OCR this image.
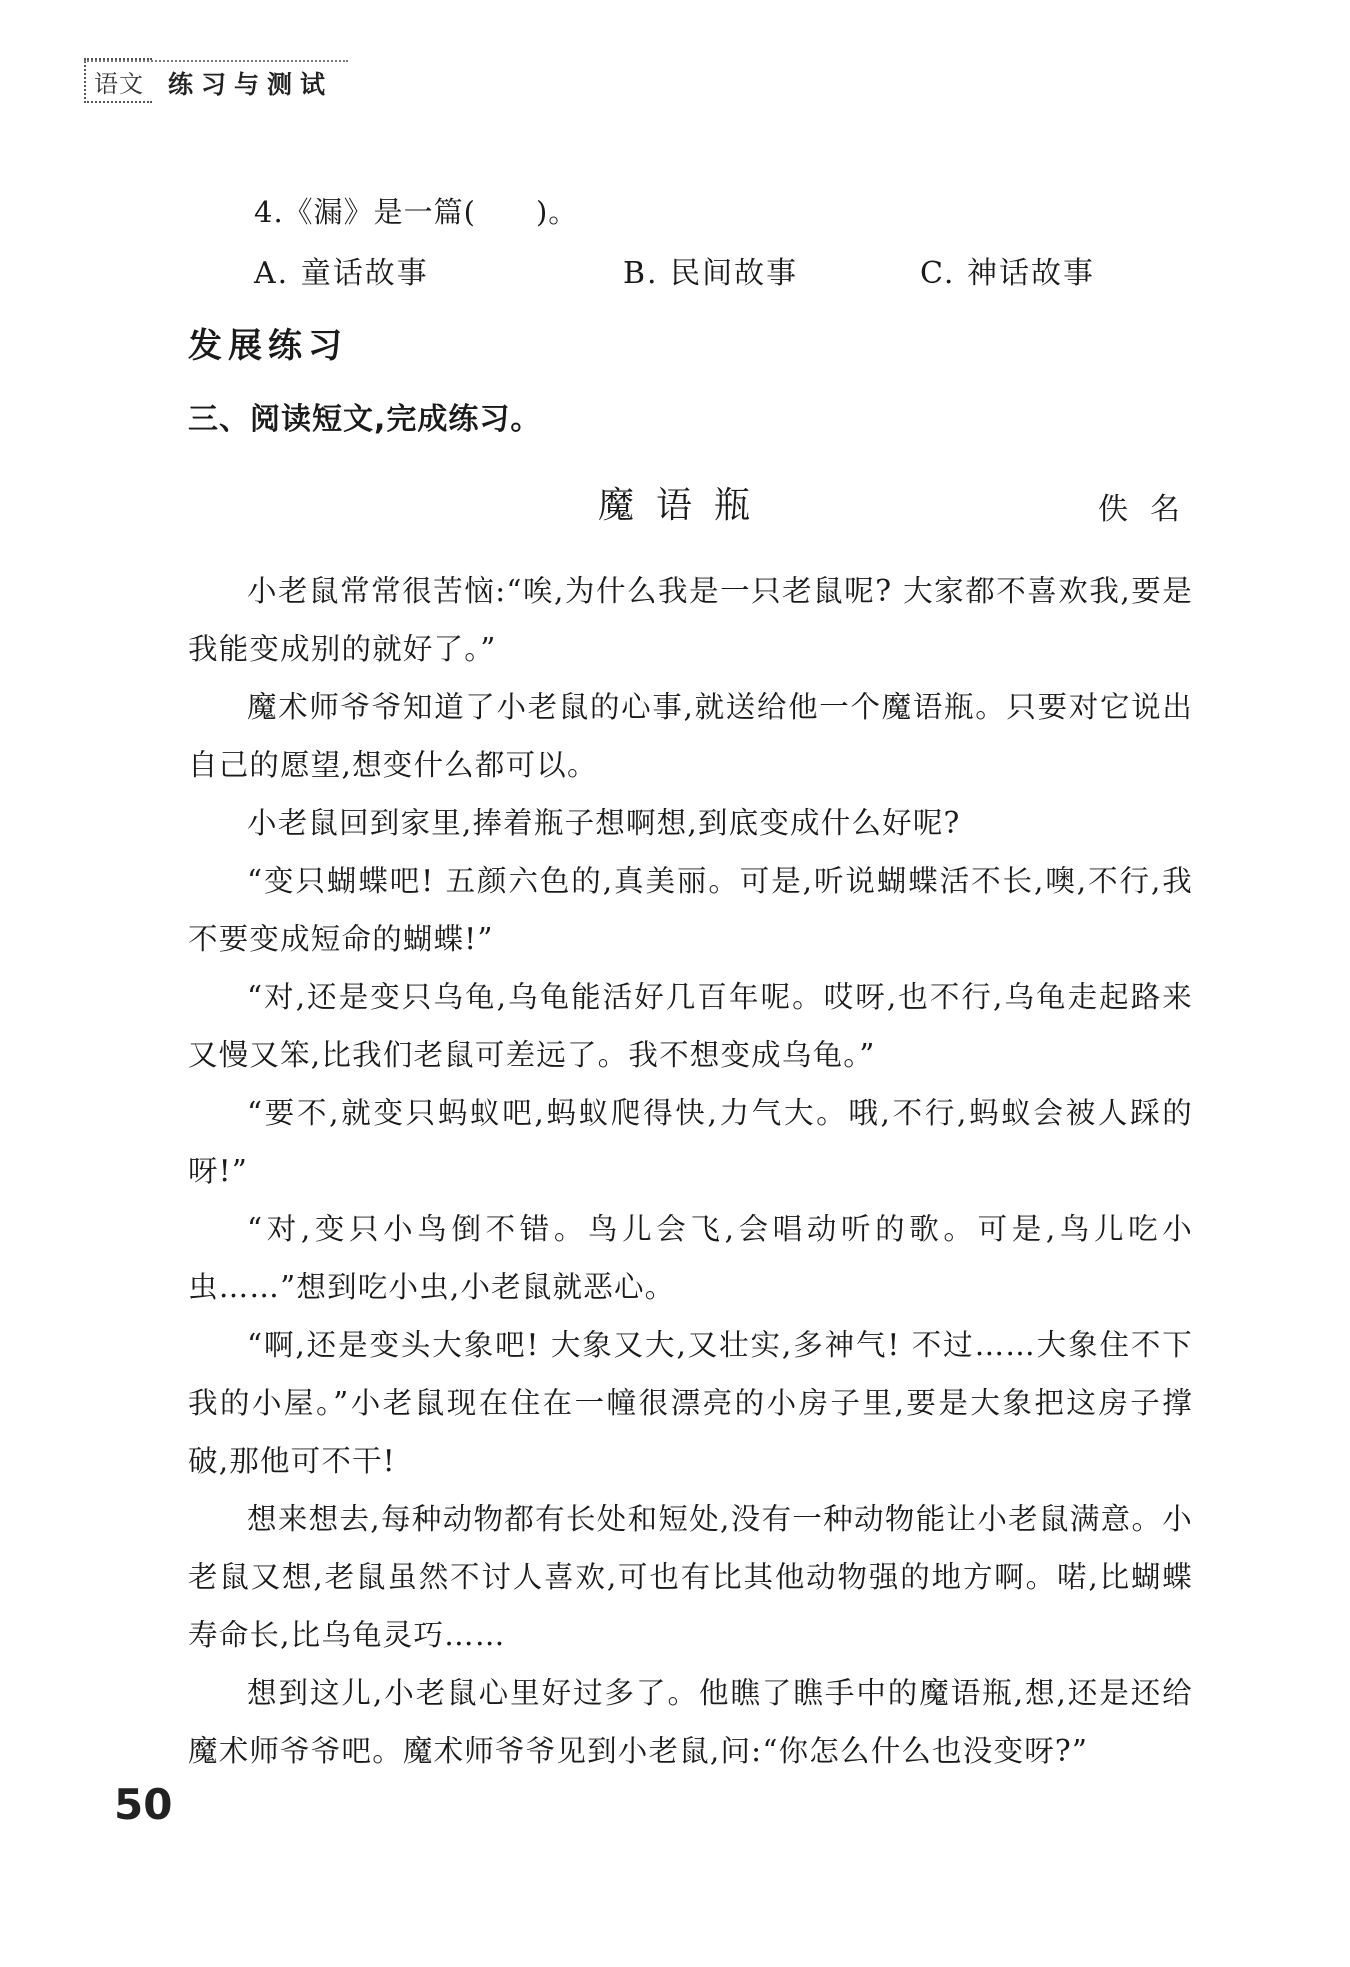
语文 练习与测试
4.《漏》是一篇(　　)。
A. 童话故事	B. 民间故事	C. 神话故事
发展练习
三、阅读短文,完成练习。
魔语瓶	佚名

小老鼠常常很苦恼:“唉,为什么我是一只老鼠呢? 大家都不喜欢我,要是我能变成别的就好了。”

魔术师爷爷知道了小老鼠的心事,就送给他一个魔语瓶。只要对它说出自己的愿望,想变什么都可以。

小老鼠回到家里,捧着瓶子想啊想,到底变成什么好呢?

“变只蝴蝶吧! 五颜六色的,真美丽。可是,听说蝴蝶活不长,噢,不行,我不要变成短命的蝴蝶!”

“对,还是变只乌龟,乌龟能活好几百年呢。哎呀,也不行,乌龟走起路来又慢又笨,比我们老鼠可差远了。我不想变成乌龟。”

“要不,就变只蚂蚁吧,蚂蚁爬得快,力气大。哦,不行,蚂蚁会被人踩的呀!”

“对,变只小鸟倒不错。鸟儿会飞,会唱动听的歌。可是,鸟儿吃小虫……”想到吃小虫,小老鼠就恶心。

“啊,还是变头大象吧! 大象又大,又壮实,多神气! 不过……大象住不下我的小屋。”小老鼠现在住在一幢很漂亮的小房子里,要是大象把这房子撑破,那他可不干!

想来想去,每种动物都有长处和短处,没有一种动物能让小老鼠满意。小老鼠又想,老鼠虽然不讨人喜欢,可也有比其他动物强的地方啊。喏,比蝴蝶寿命长,比乌龟灵巧……

想到这儿,小老鼠心里好过多了。他瞧了瞧手中的魔语瓶,想,还是还给魔术师爷爷吧。魔术师爷爷见到小老鼠,问:“你怎么什么也没变呀?”

50
